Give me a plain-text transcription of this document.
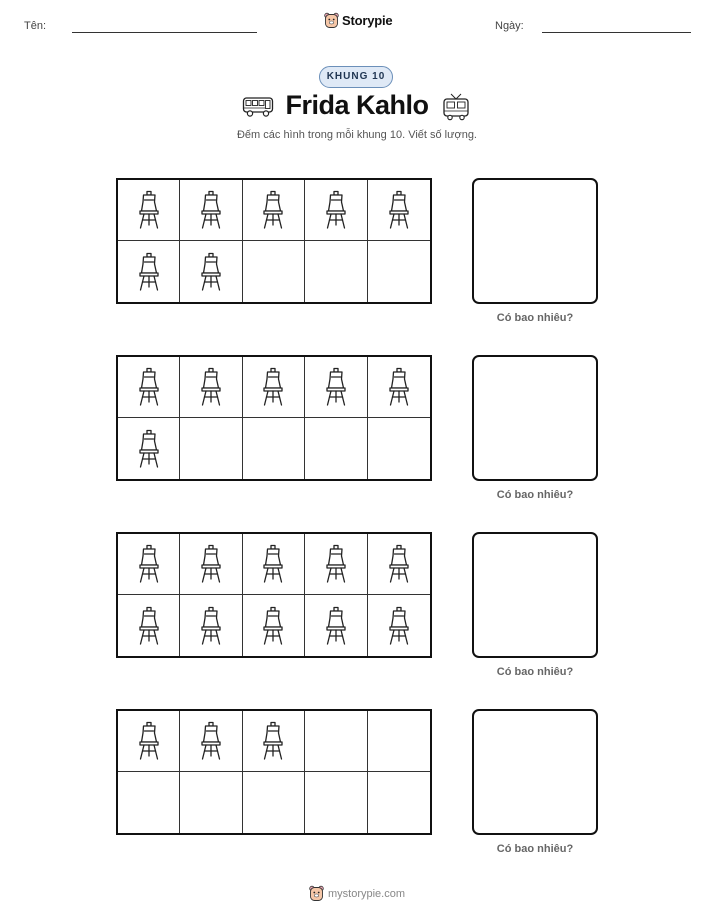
Tên:	Storypie	Ngày:
KHUNG 10
Frida Kahlo
Đếm các hình trong mỗi khung 10. Viết số lượng.
Có bao nhiêu?
Có bao nhiêu?
Có bao nhiêu?
Có bao nhiêu?
mystorypie.com
